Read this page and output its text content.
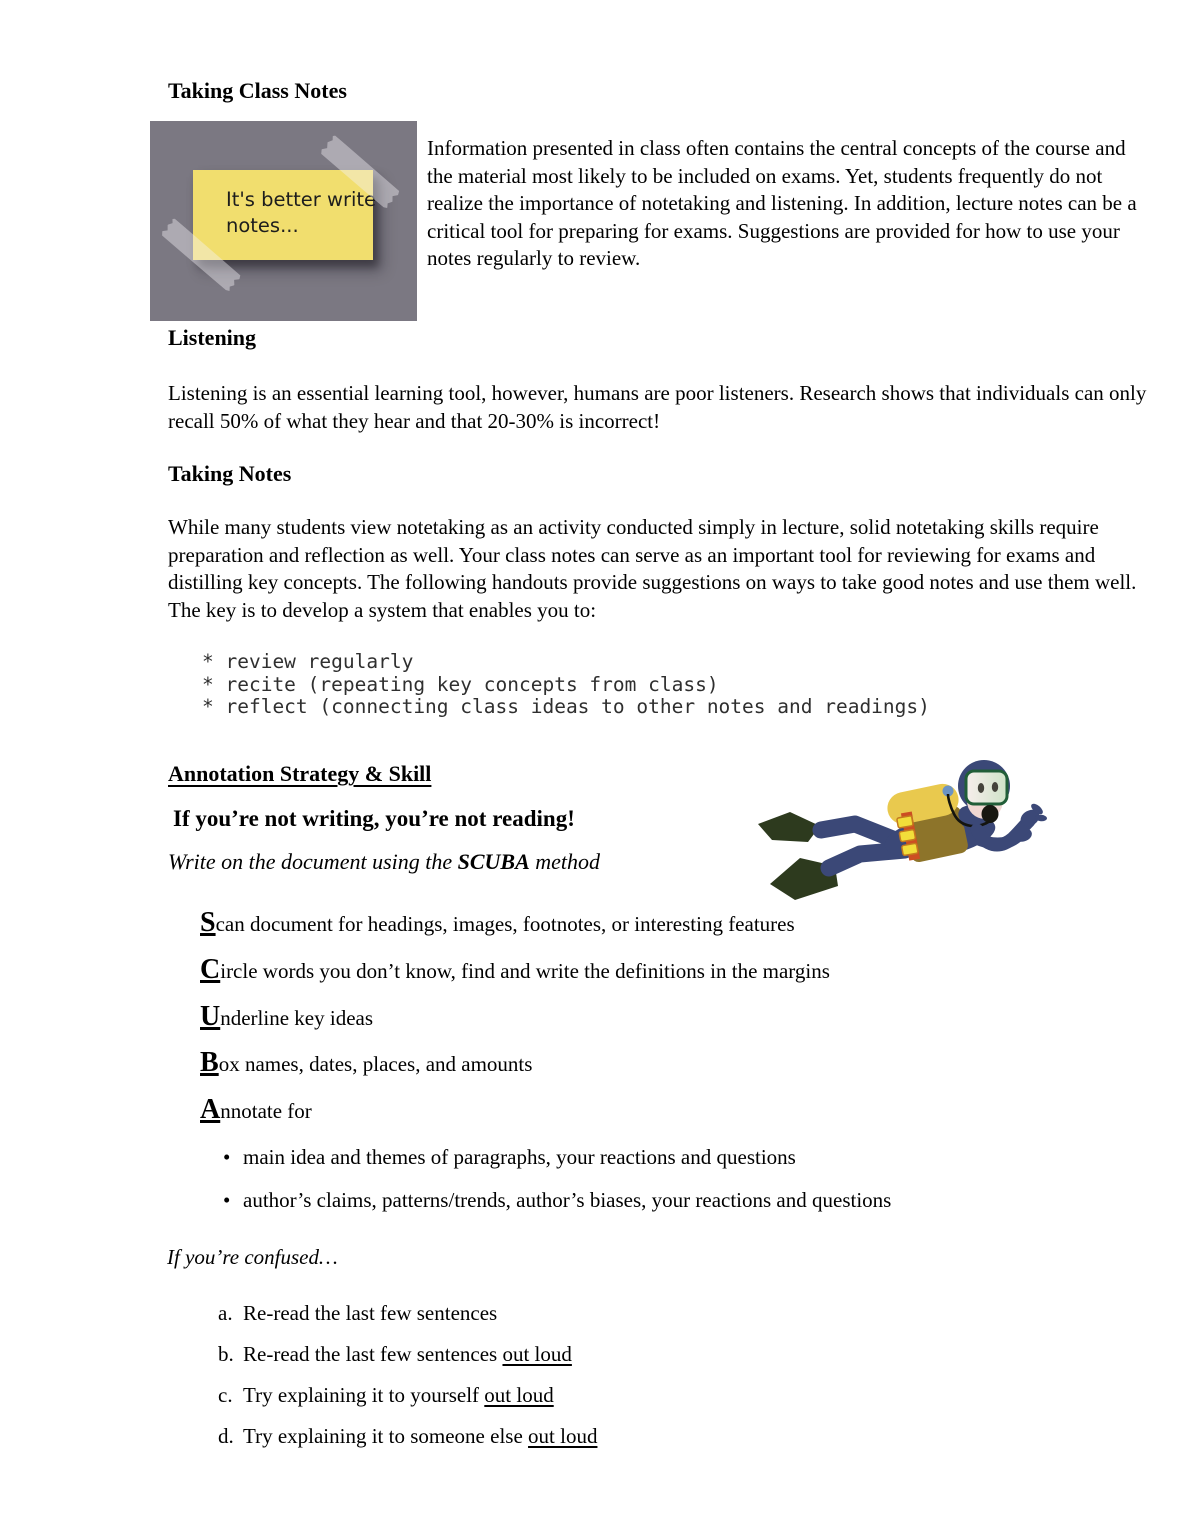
Taking Class Notes
It's better write
notes...

Information presented in class often contains the central concepts of the course and the material most likely to be included on exams. Yet, students frequently do not realize the importance of notetaking and listening. In addition, lecture notes can be a critical tool for preparing for exams. Suggestions are provided for how to use your notes regularly to review.

Listening

Listening is an essential learning tool, however, humans are poor listeners. Research shows that individuals can only recall 50% of what they hear and that 20-30% is incorrect!

Taking Notes

While many students view notetaking as an activity conducted simply in lecture, solid notetaking skills require preparation and reflection as well. Your class notes can serve as an important tool for reviewing for exams and distilling key concepts. The following handouts provide suggestions on ways to take good notes and use them well. The key is to develop a system that enables you to:

* review regularly
* recite (repeating key concepts from class)
* reflect (connecting class ideas to other notes and readings)
Annotation Strategy & Skill

If you’re not writing, you’re not reading!

Write on the document using the SCUBA method

Scan document for headings, images, footnotes, or interesting features
Circle words you don’t know, find and write the definitions in the margins
Underline key ideas
Box names, dates, places, and amounts
Annotate for
• main idea and themes of paragraphs, your reactions and questions
• author’s claims, patterns/trends, author’s biases, your reactions and questions

If you’re confused…

a. Re-read the last few sentences
b. Re-read the last few sentences out loud
c. Try explaining it to yourself out loud
d. Try explaining it to someone else out loud
